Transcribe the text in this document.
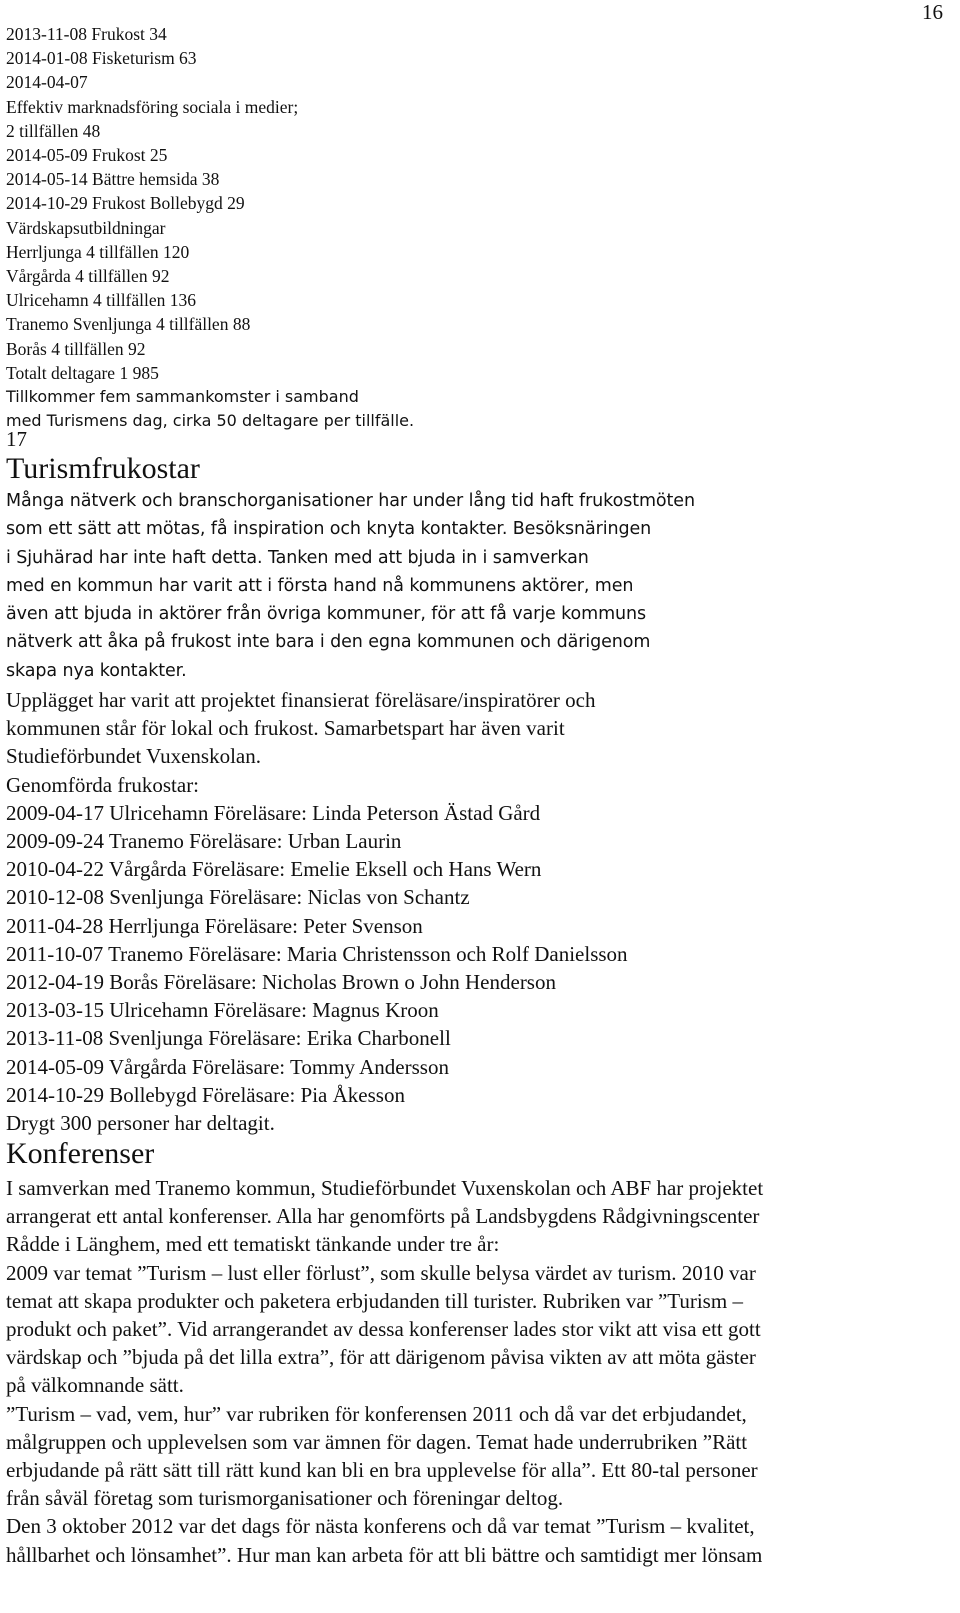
16
2013-11-08 Frukost 34
2014-01-08 Fisketurism 63
2014-04-07
Effektiv marknadsföring sociala i medier;
2 tillfällen 48
2014-05-09 Frukost 25
2014-05-14 Bättre hemsida 38
2014-10-29 Frukost Bollebygd 29
Värdskapsutbildningar
Herrljunga 4 tillfällen 120
Vårgårda 4 tillfällen 92
Ulricehamn 4 tillfällen 136
Tranemo Svenljunga 4 tillfällen 88
Borås 4 tillfällen 92
Totalt deltagare 1 985
Tillkommer fem sammankomster i samband
med Turismens dag, cirka 50 deltagare per tillfälle.
17
Turismfrukostar
Många nätverk och branschorganisationer har under lång tid haft frukostmöten
som ett sätt att mötas, få inspiration och knyta kontakter. Besöksnäringen
i Sjuhärad har inte haft detta. Tanken med att bjuda in i samverkan
med en kommun har varit att i första hand nå kommunens aktörer, men
även att bjuda in aktörer från övriga kommuner, för att få varje kommuns
nätverk att åka på frukost inte bara i den egna kommunen och därigenom
skapa nya kontakter.
Upplägget har varit att projektet finansierat föreläsare/inspiratörer och
kommunen står för lokal och frukost. Samarbetspart har även varit
Studieförbundet Vuxenskolan.
Genomförda frukostar:
2009-04-17 Ulricehamn Föreläsare: Linda Peterson Ästad Gård
2009-09-24 Tranemo Föreläsare: Urban Laurin
2010-04-22 Vårgårda Föreläsare: Emelie Eksell och Hans Wern
2010-12-08 Svenljunga Föreläsare: Niclas von Schantz
2011-04-28 Herrljunga Föreläsare: Peter Svenson
2011-10-07 Tranemo Föreläsare: Maria Christensson och Rolf Danielsson
2012-04-19 Borås Föreläsare: Nicholas Brown o John Henderson
2013-03-15 Ulricehamn Föreläsare: Magnus Kroon
2013-11-08 Svenljunga Föreläsare: Erika Charbonell
2014-05-09 Vårgårda Föreläsare: Tommy Andersson
2014-10-29 Bollebygd Föreläsare: Pia Åkesson
Drygt 300 personer har deltagit.
Konferenser
I samverkan med Tranemo kommun, Studieförbundet Vuxenskolan och ABF har projektet
arrangerat ett antal konferenser. Alla har genomförts på Landsbygdens Rådgivningscenter
Rådde i Länghem, med ett tematiskt tänkande under tre år:
2009 var temat ”Turism – lust eller förlust”, som skulle belysa värdet av turism. 2010 var
temat att skapa produkter och paketera erbjudanden till turister. Rubriken var ”Turism –
produkt och paket”. Vid arrangerandet av dessa konferenser lades stor vikt att visa ett gott
värdskap och ”bjuda på det lilla extra”, för att därigenom påvisa vikten av att möta gäster
på välkomnande sätt.
”Turism – vad, vem, hur” var rubriken för konferensen 2011 och då var det erbjudandet,
målgruppen och upplevelsen som var ämnen för dagen. Temat hade underrubriken ”Rätt
erbjudande på rätt sätt till rätt kund kan bli en bra upplevelse för alla”. Ett 80-tal personer
från såväl företag som turismorganisationer och föreningar deltog.
Den 3 oktober 2012 var det dags för nästa konferens och då var temat ”Turism – kvalitet,
hållbarhet och lönsamhet”. Hur man kan arbeta för att bli bättre och samtidigt mer lönsam
